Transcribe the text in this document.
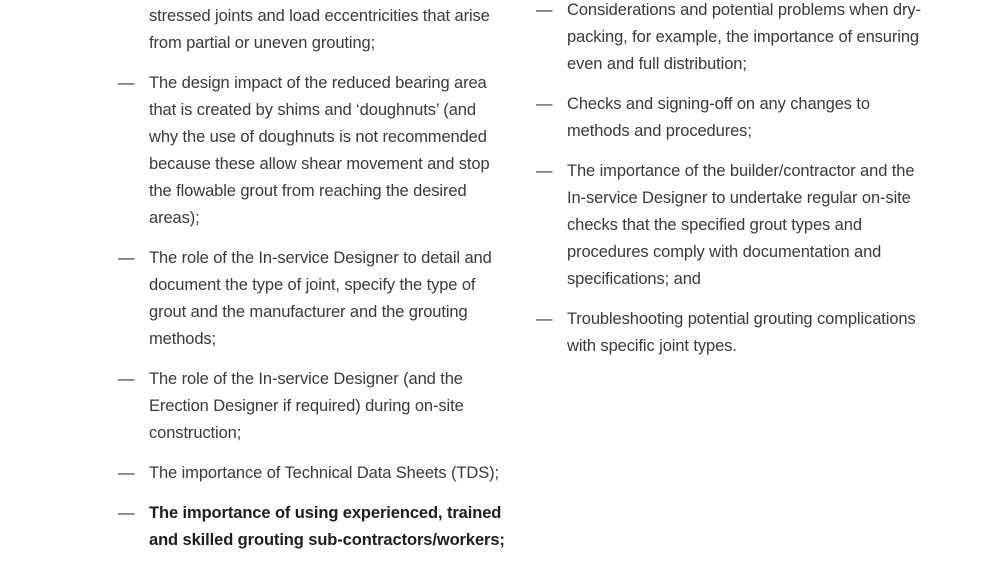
stressed joints and load eccentricities that arise from partial or uneven grouting;
— The design impact of the reduced bearing area that is created by shims and ‘doughnuts’ (and why the use of doughnuts is not recommended because these allow shear movement and stop the flowable grout from reaching the desired areas);
— The role of the In-service Designer to detail and document the type of joint, specify the type of grout and the manufacturer and the grouting methods;
— The role of the In-service Designer (and the Erection Designer if required) during on-site construction;
— The importance of Technical Data Sheets (TDS);
— The importance of using experienced, trained and skilled grouting sub-contractors/workers;
— Considerations and potential problems when dry-packing, for example, the importance of ensuring even and full distribution;
— Checks and signing-off on any changes to methods and procedures;
— The importance of the builder/contractor and the In-service Designer to undertake regular on-site checks that the specified grout types and procedures comply with documentation and specifications; and
— Troubleshooting potential grouting complications with specific joint types.
